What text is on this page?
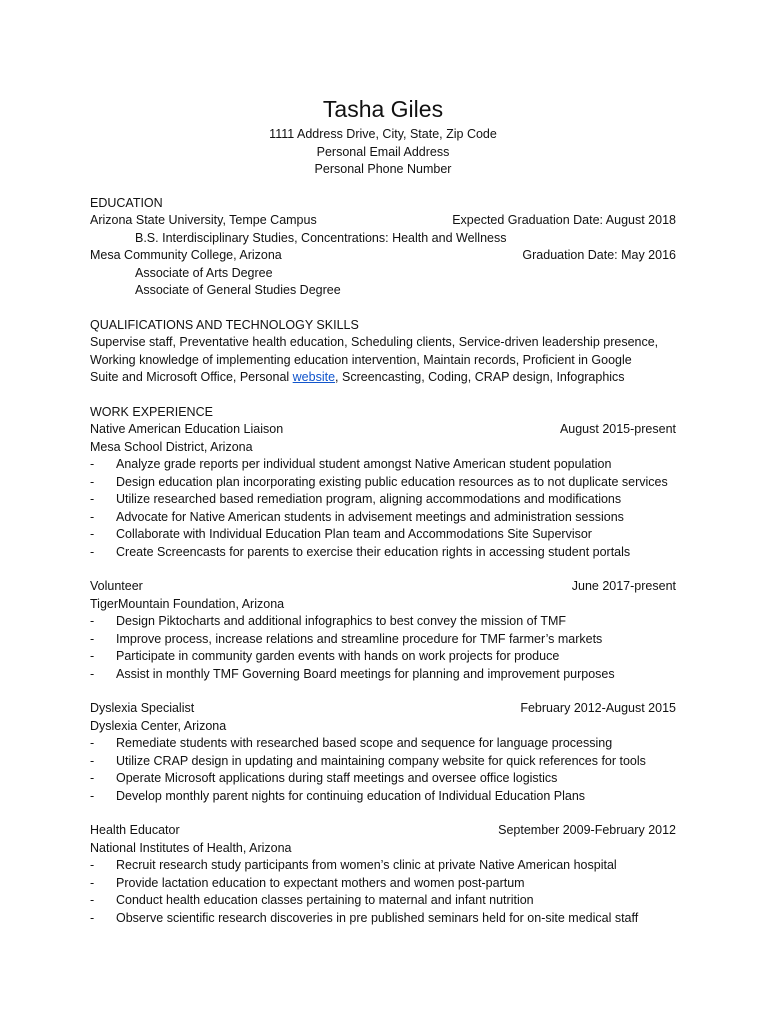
Tasha Giles
1111 Address Drive, City, State, Zip Code
Personal Email Address
Personal Phone Number
EDUCATION
Arizona State University, Tempe Campus	Expected Graduation Date: August 2018
B.S. Interdisciplinary Studies, Concentrations: Health and Wellness
Mesa Community College, Arizona	Graduation Date: May 2016
Associate of Arts Degree
Associate of General Studies Degree
QUALIFICATIONS AND TECHNOLOGY SKILLS
Supervise staff, Preventative health education, Scheduling clients, Service-driven leadership presence,
Working knowledge of implementing education intervention, Maintain records, Proficient in Google
Suite and Microsoft Office, Personal website, Screencasting, Coding, CRAP design, Infographics
WORK EXPERIENCE
Native American Education Liaison	August 2015-present
Mesa School District, Arizona
-	Analyze grade reports per individual student amongst Native American student population
-	Design education plan incorporating existing public education resources as to not duplicate services
-	Utilize researched based remediation program, aligning accommodations and modifications
-	Advocate for Native American students in advisement meetings and administration sessions
-	Collaborate with Individual Education Plan team and Accommodations Site Supervisor
-	Create Screencasts for parents to exercise their education rights in accessing student portals
Volunteer	June 2017-present
TigerMountain Foundation, Arizona
-	Design Piktocharts and additional infographics to best convey the mission of TMF
-	Improve process, increase relations and streamline procedure for TMF farmer’s markets
-	Participate in community garden events with hands on work projects for produce
-	Assist in monthly TMF Governing Board meetings for planning and improvement purposes
Dyslexia Specialist	February 2012-August 2015
Dyslexia Center, Arizona
-	Remediate students with researched based scope and sequence for language processing
-	Utilize CRAP design in updating and maintaining company website for quick references for tools
-	Operate Microsoft applications during staff meetings and oversee office logistics
-	Develop monthly parent nights for continuing education of Individual Education Plans
Health Educator	September 2009-February 2012
National Institutes of Health, Arizona
-	Recruit research study participants from women’s clinic at private Native American hospital
-	Provide lactation education to expectant mothers and women post-partum
-	Conduct health education classes pertaining to maternal and infant nutrition
-	Observe scientific research discoveries in pre published seminars held for on-site medical staff
